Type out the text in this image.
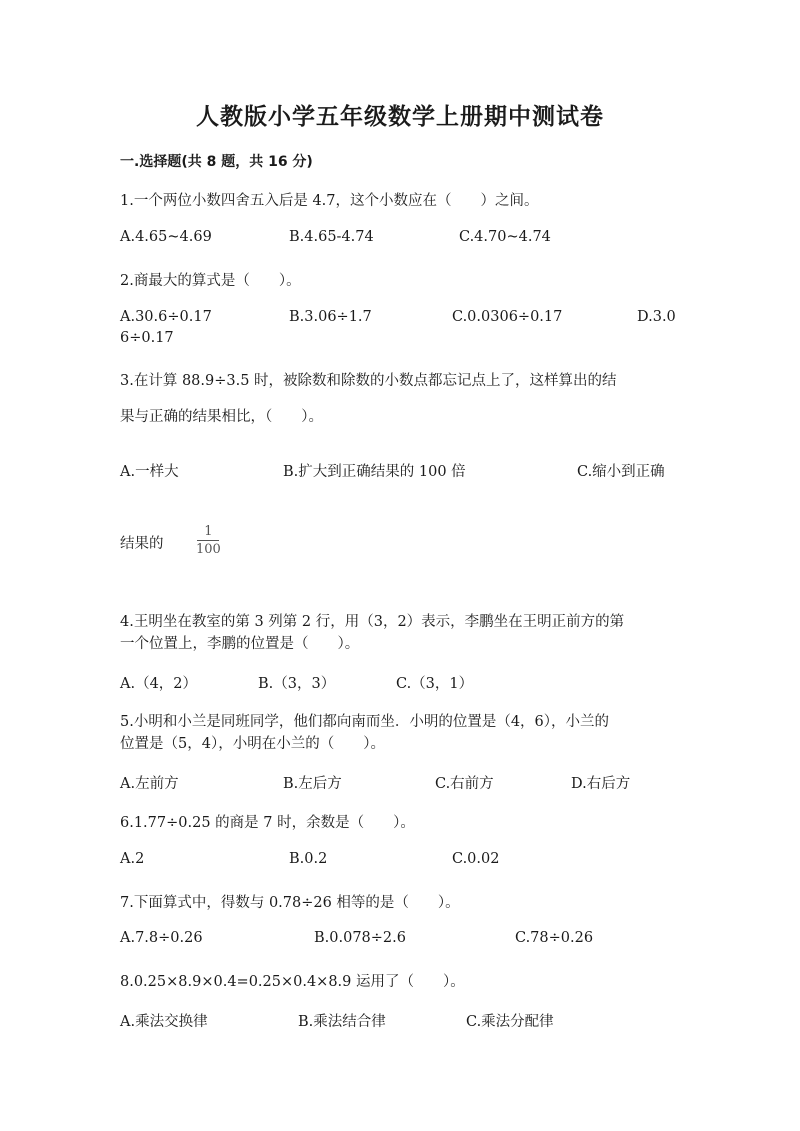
人教版小学五年级数学上册期中测试卷
一.选择题(共 8 题，共 16 分)
1.一个两位小数四舍五入后是 4.7，这个小数应在（　　）之间。
A.4.65~4.69	B.4.65-4.74	C.4.70~4.74
2.商最大的算式是（　　）。
A.30.6÷0.17	B.3.06÷1.7	C.0.0306÷0.17	D.3.0
6÷0.17
3.在计算 88.9÷3.5 时，被除数和除数的小数点都忘记点上了，这样算出的结
果与正确的结果相比，（　　）。
A.一样大	B.扩大到正确结果的 100 倍	C.缩小到正确
结果的
1
100
4.王明坐在教室的第 3 列第 2 行，用（3，2）表示，李鹏坐在王明正前方的第
一个位置上，李鹏的位置是（　　）。
A.（4，2）	B.（3，3）	C.（3，1）
5.小明和小兰是同班同学，他们都向南而坐．小明的位置是（4，6），小兰的
位置是（5，4），小明在小兰的（　　）。
A.左前方	B.左后方	C.右前方	D.右后方
6.1.77÷0.25 的商是 7 时，余数是（　　）。
A.2	B.0.2	C.0.02
7.下面算式中，得数与 0.78÷26 相等的是（　　）。
A.7.8÷0.26	B.0.078÷2.6	C.78÷0.26
8.0.25×8.9×0.4=0.25×0.4×8.9 运用了（　　）。
A.乘法交换律	B.乘法结合律	C.乘法分配律
